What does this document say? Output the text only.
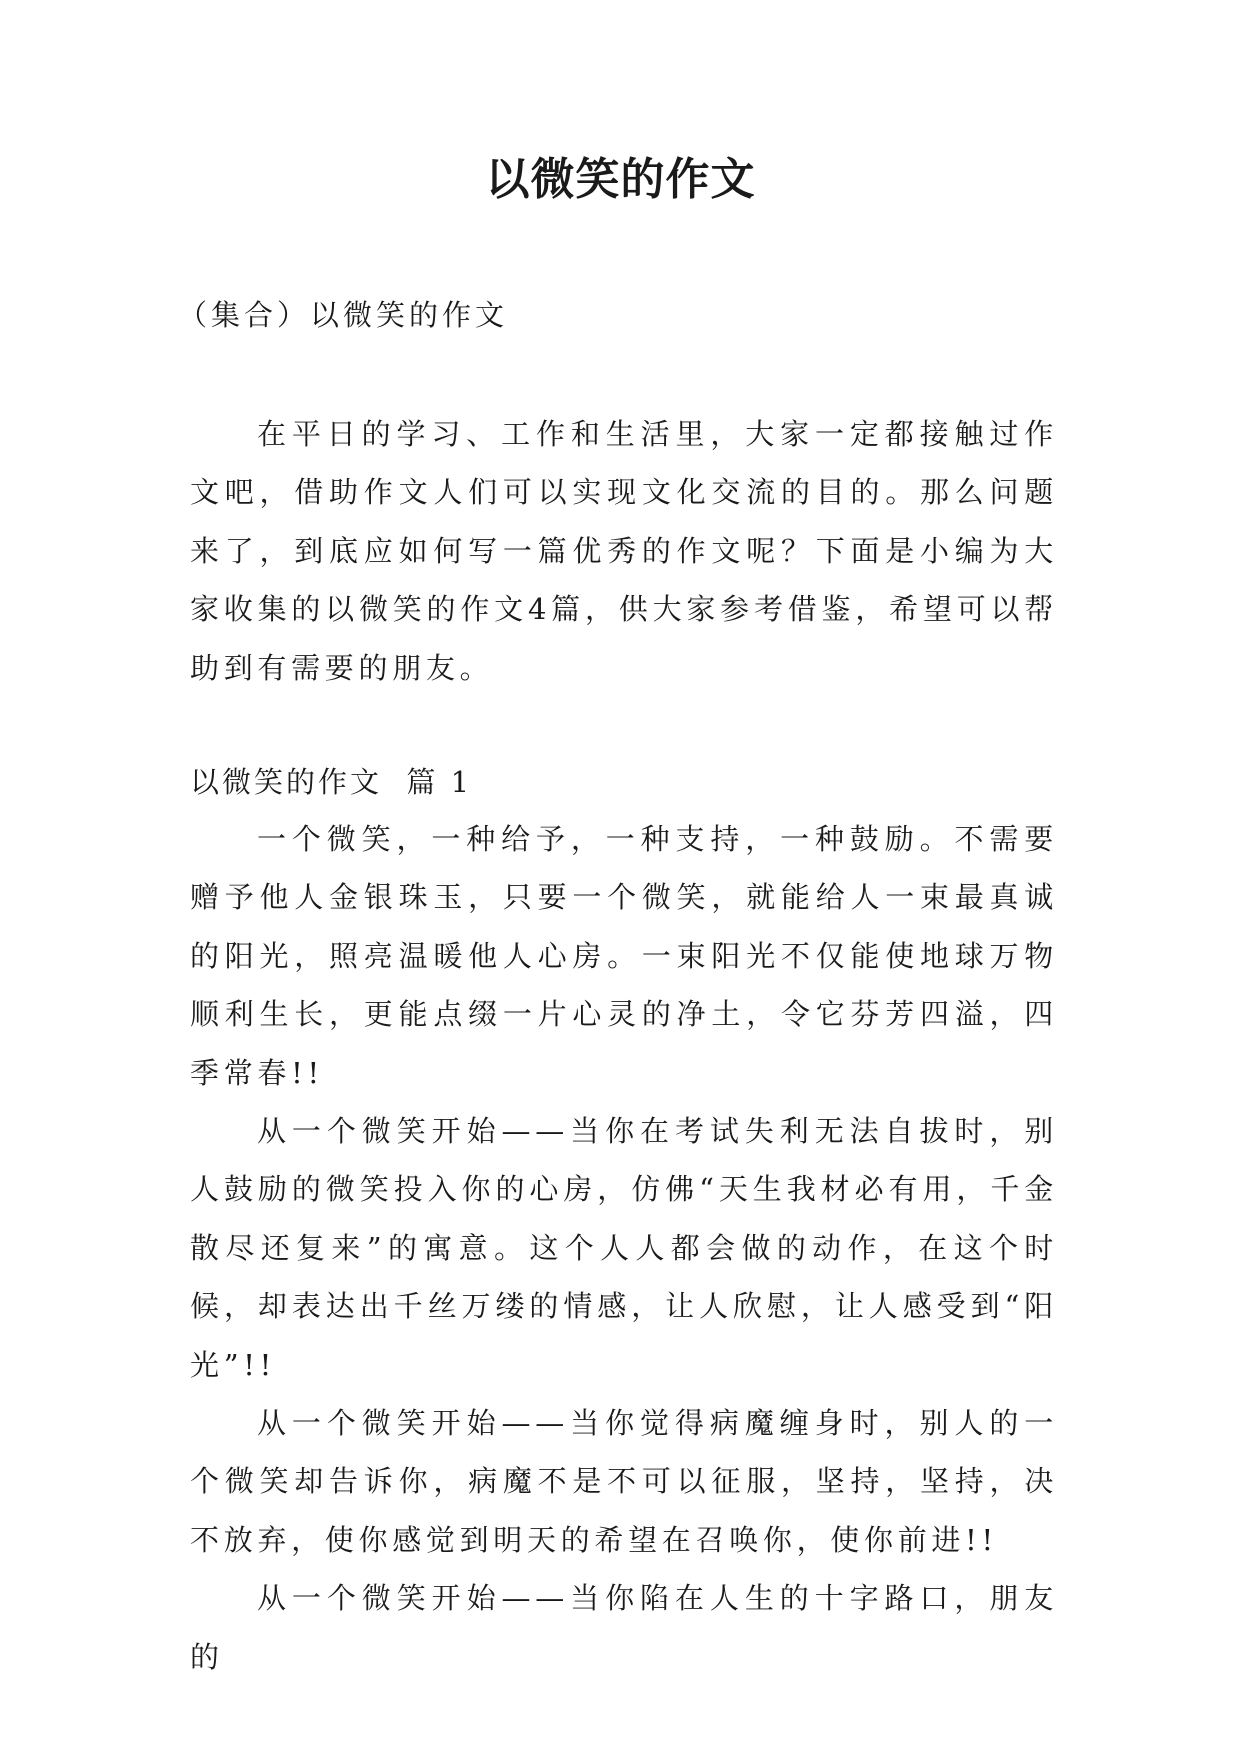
以微笑的作文

（集合）以微笑的作文

在平日的学习、工作和生活里，大家一定都接触过作文吧，借助作文人们可以实现文化交流的目的。那么问题来了，到底应如何写一篇优秀的作文呢？下面是小编为大家收集的以微笑的作文4篇，供大家参考借鉴，希望可以帮助到有需要的朋友。

以微笑的作文  篇 1

一个微笑，一种给予，一种支持，一种鼓励。不需要赠予他人金银珠玉，只要一个微笑，就能给人一束最真诚的阳光，照亮温暖他人心房。一束阳光不仅能使地球万物顺利生长，更能点缀一片心灵的净土，令它芬芳四溢，四季常春!!

从一个微笑开始——当你在考试失利无法自拔时，别人鼓励的微笑投入你的心房，仿佛“天生我材必有用，千金散尽还复来”的寓意。这个人人都会做的动作，在这个时候，却表达出千丝万缕的情感，让人欣慰，让人感受到“阳光”!!

从一个微笑开始——当你觉得病魔缠身时，别人的一个微笑却告诉你，病魔不是不可以征服，坚持，坚持，决不放弃，使你感觉到明天的希望在召唤你，使你前进!!

从一个微笑开始——当你陷在人生的十字路口，朋友的
